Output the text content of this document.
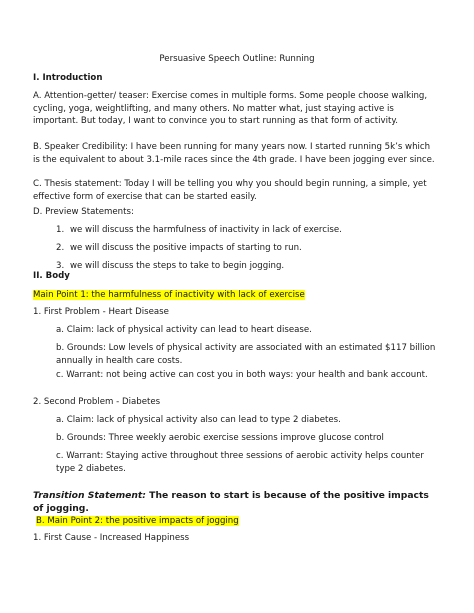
Persuasive Speech Outline: Running
I. Introduction
A. Attention-getter/ teaser: Exercise comes in multiple forms. Some people choose walking, cycling, yoga, weightlifting, and many others. No matter what, just staying active is important. But today, I want to convince you to start running as that form of activity.
B. Speaker Credibility: I have been running for many years now. I started running 5k’s which is the equivalent to about 3.1-mile races since the 4th grade. I have been jogging ever since.
C. Thesis statement: Today I will be telling you why you should begin running, a simple, yet effective form of exercise that can be started easily.
D. Preview Statements:
1. we will discuss the harmfulness of inactivity in lack of exercise.
2. we will discuss the positive impacts of starting to run.
3. we will discuss the steps to take to begin jogging.
II. Body
Main Point 1: the harmfulness of inactivity with lack of exercise
1. First Problem - Heart Disease
a. Claim: lack of physical activity can lead to heart disease.
b. Grounds: Low levels of physical activity are associated with an estimated $117 billion annually in health care costs.
c. Warrant: not being active can cost you in both ways: your health and bank account.
2. Second Problem - Diabetes
a. Claim: lack of physical activity also can lead to type 2 diabetes.
b. Grounds: Three weekly aerobic exercise sessions improve glucose control
c. Warrant: Staying active throughout three sessions of aerobic activity helps counter type 2 diabetes.
Transition Statement: The reason to start is because of the positive impacts of jogging.
B. Main Point 2: the positive impacts of jogging
1. First Cause - Increased Happiness
